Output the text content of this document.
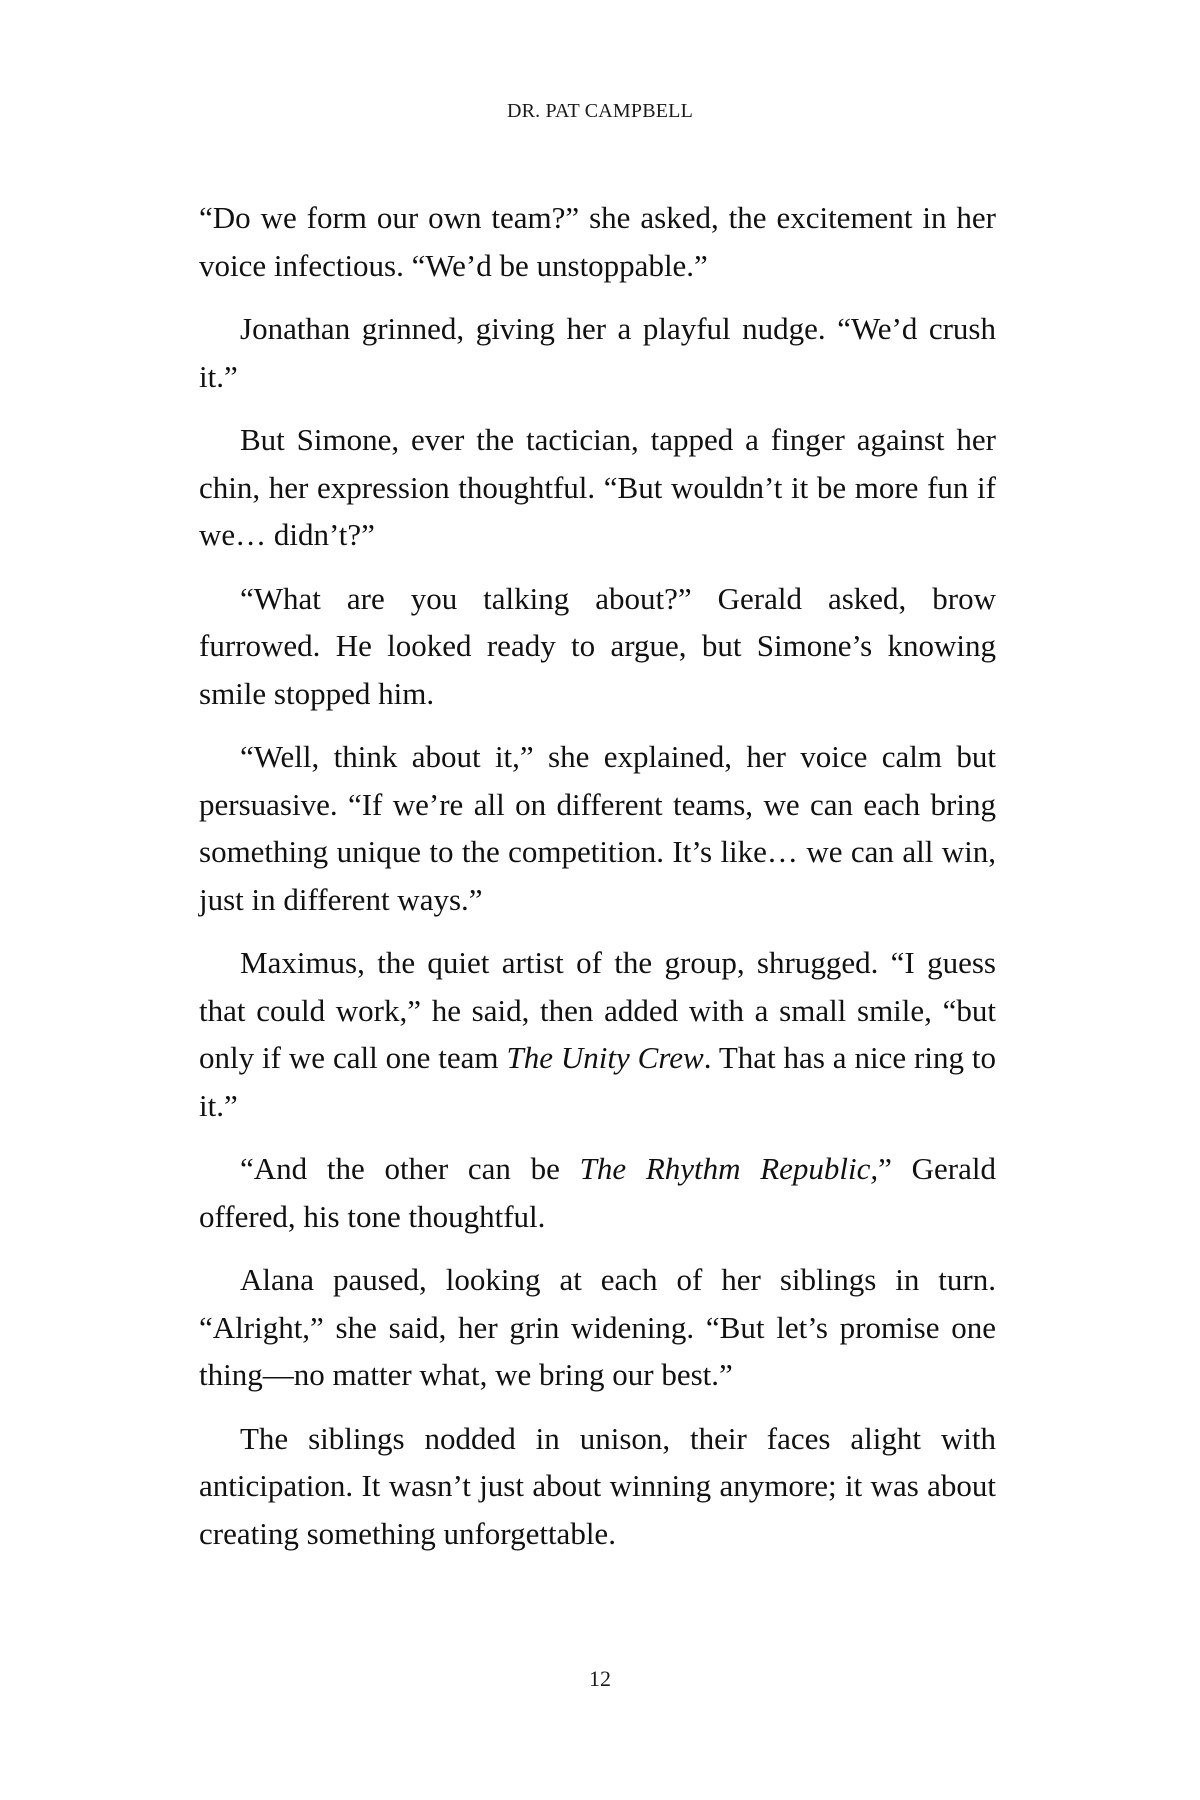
DR. PAT CAMPBELL

“Do we form our own team?” she asked, the excitement in her voice infectious. “We’d be unstoppable.”

Jonathan grinned, giving her a playful nudge. “We’d crush it.”

But Simone, ever the tactician, tapped a finger against her chin, her expression thoughtful. “But wouldn’t it be more fun if we… didn’t?”

“What are you talking about?” Gerald asked, brow furrowed. He looked ready to argue, but Simone’s knowing smile stopped him.

“Well, think about it,” she explained, her voice calm but persuasive. “If we’re all on different teams, we can each bring something unique to the competition. It’s like… we can all win, just in different ways.”

Maximus, the quiet artist of the group, shrugged. “I guess that could work,” he said, then added with a small smile, “but only if we call one team The Unity Crew. That has a nice ring to it.”

“And the other can be The Rhythm Republic,” Gerald offered, his tone thoughtful.

Alana paused, looking at each of her siblings in turn. “Alright,” she said, her grin widening. “But let’s promise one thing—no matter what, we bring our best.”

The siblings nodded in unison, their faces alight with anticipation. It wasn’t just about winning anymore; it was about creating something unforgettable.

12
